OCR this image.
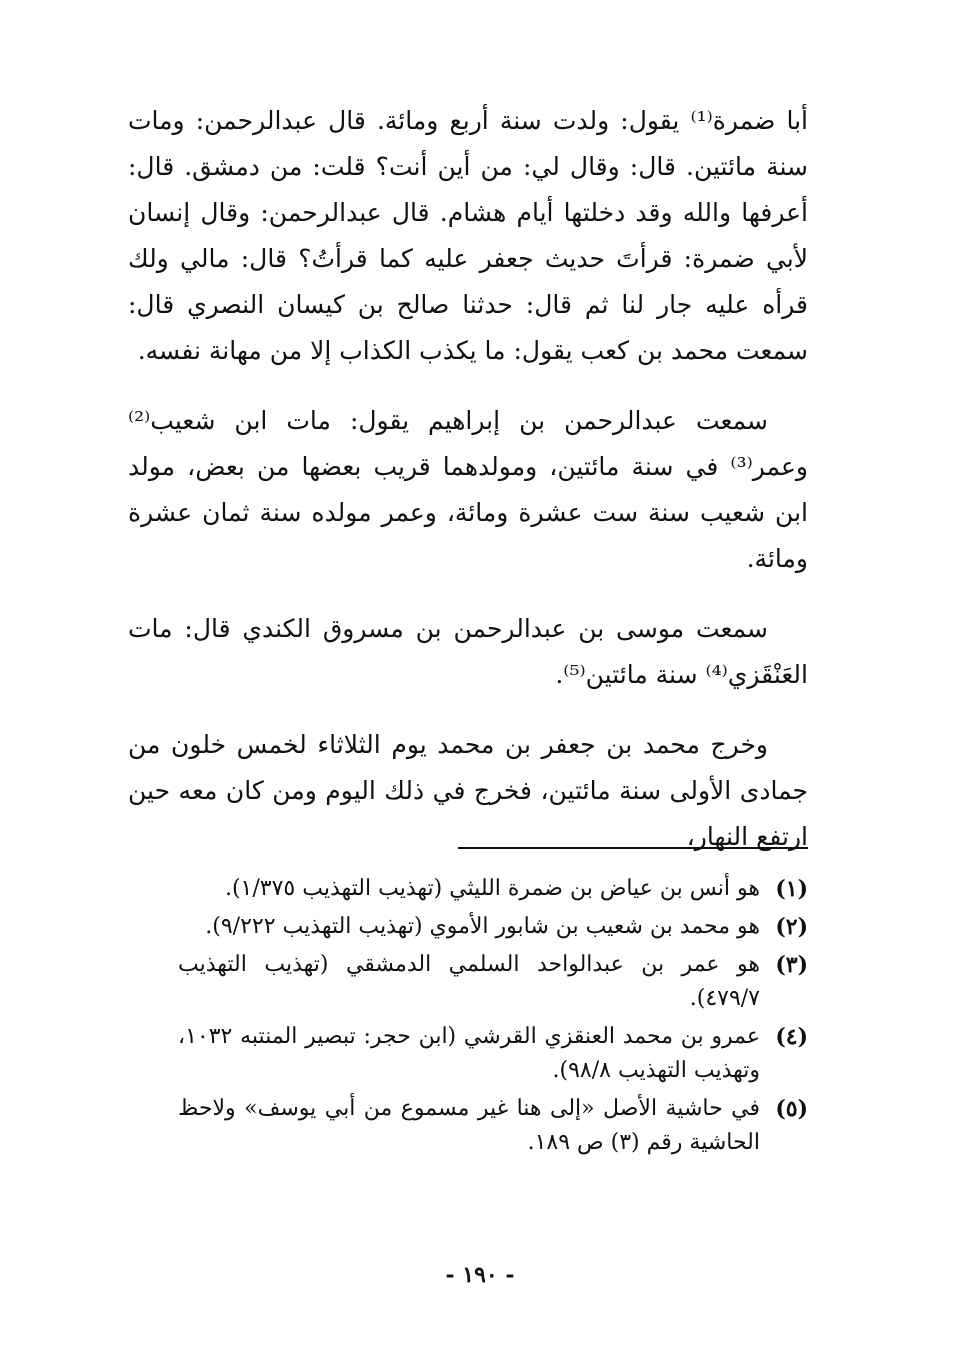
أبا ضمرة⁽¹⁾ يقول: ولدت سنة أربع ومائة. قال عبدالرحمن: ومات سنة مائتين. قال: وقال لي: من أين أنت؟ قلت: من دمشق. قال: أعرفها والله وقد دخلتها أيام هشام. قال عبدالرحمن: وقال إنسان لأبي ضمرة: قرأتَ حديث جعفر عليه كما قرأتُ؟ قال: مالي ولك قرأه عليه جار لنا ثم قال: حدثنا صالح بن كيسان النصري قال: سمعت محمد بن كعب يقول: ما يكذب الكذاب إلا من مهانة نفسه.

سمعت عبدالرحمن بن إبراهيم يقول: مات ابن شعيب⁽²⁾ وعمر⁽³⁾ في سنة مائتين، ومولدهما قريب بعضها من بعض، مولد ابن شعيب سنة ست عشرة ومائة، وعمر مولده سنة ثمان عشرة ومائة.

سمعت موسى بن عبدالرحمن بن مسروق الكندي قال: مات العَنْقَزي⁽⁴⁾ سنة مائتين⁽⁵⁾.

وخرج محمد بن جعفر بن محمد يوم الثلاثاء لخمس خلون من جمادى الأولى سنة مائتين، فخرج في ذلك اليوم ومن كان معه حين ارتفع النهار،

(١)
هو أنس بن عياض بن ضمرة الليثي (تهذيب التهذيب ١/٣٧٥).
(٢)
هو محمد بن شعيب بن شابور الأموي (تهذيب التهذيب ٩/٢٢٢).
(٣)
هو عمر بن عبدالواحد السلمي الدمشقي (تهذيب التهذيب ٤٧٩/٧).
(٤)
عمرو بن محمد العنقزي القرشي (ابن حجر: تبصير المنتبه ١٠٣٢، وتهذيب التهذيب ٩٨/٨).
(٥)
في حاشية الأصل «إلى هنا غير مسموع من أبي يوسف» ولاحظ الحاشية رقم (٣) ص ١٨٩.
- ١٩٠ -
